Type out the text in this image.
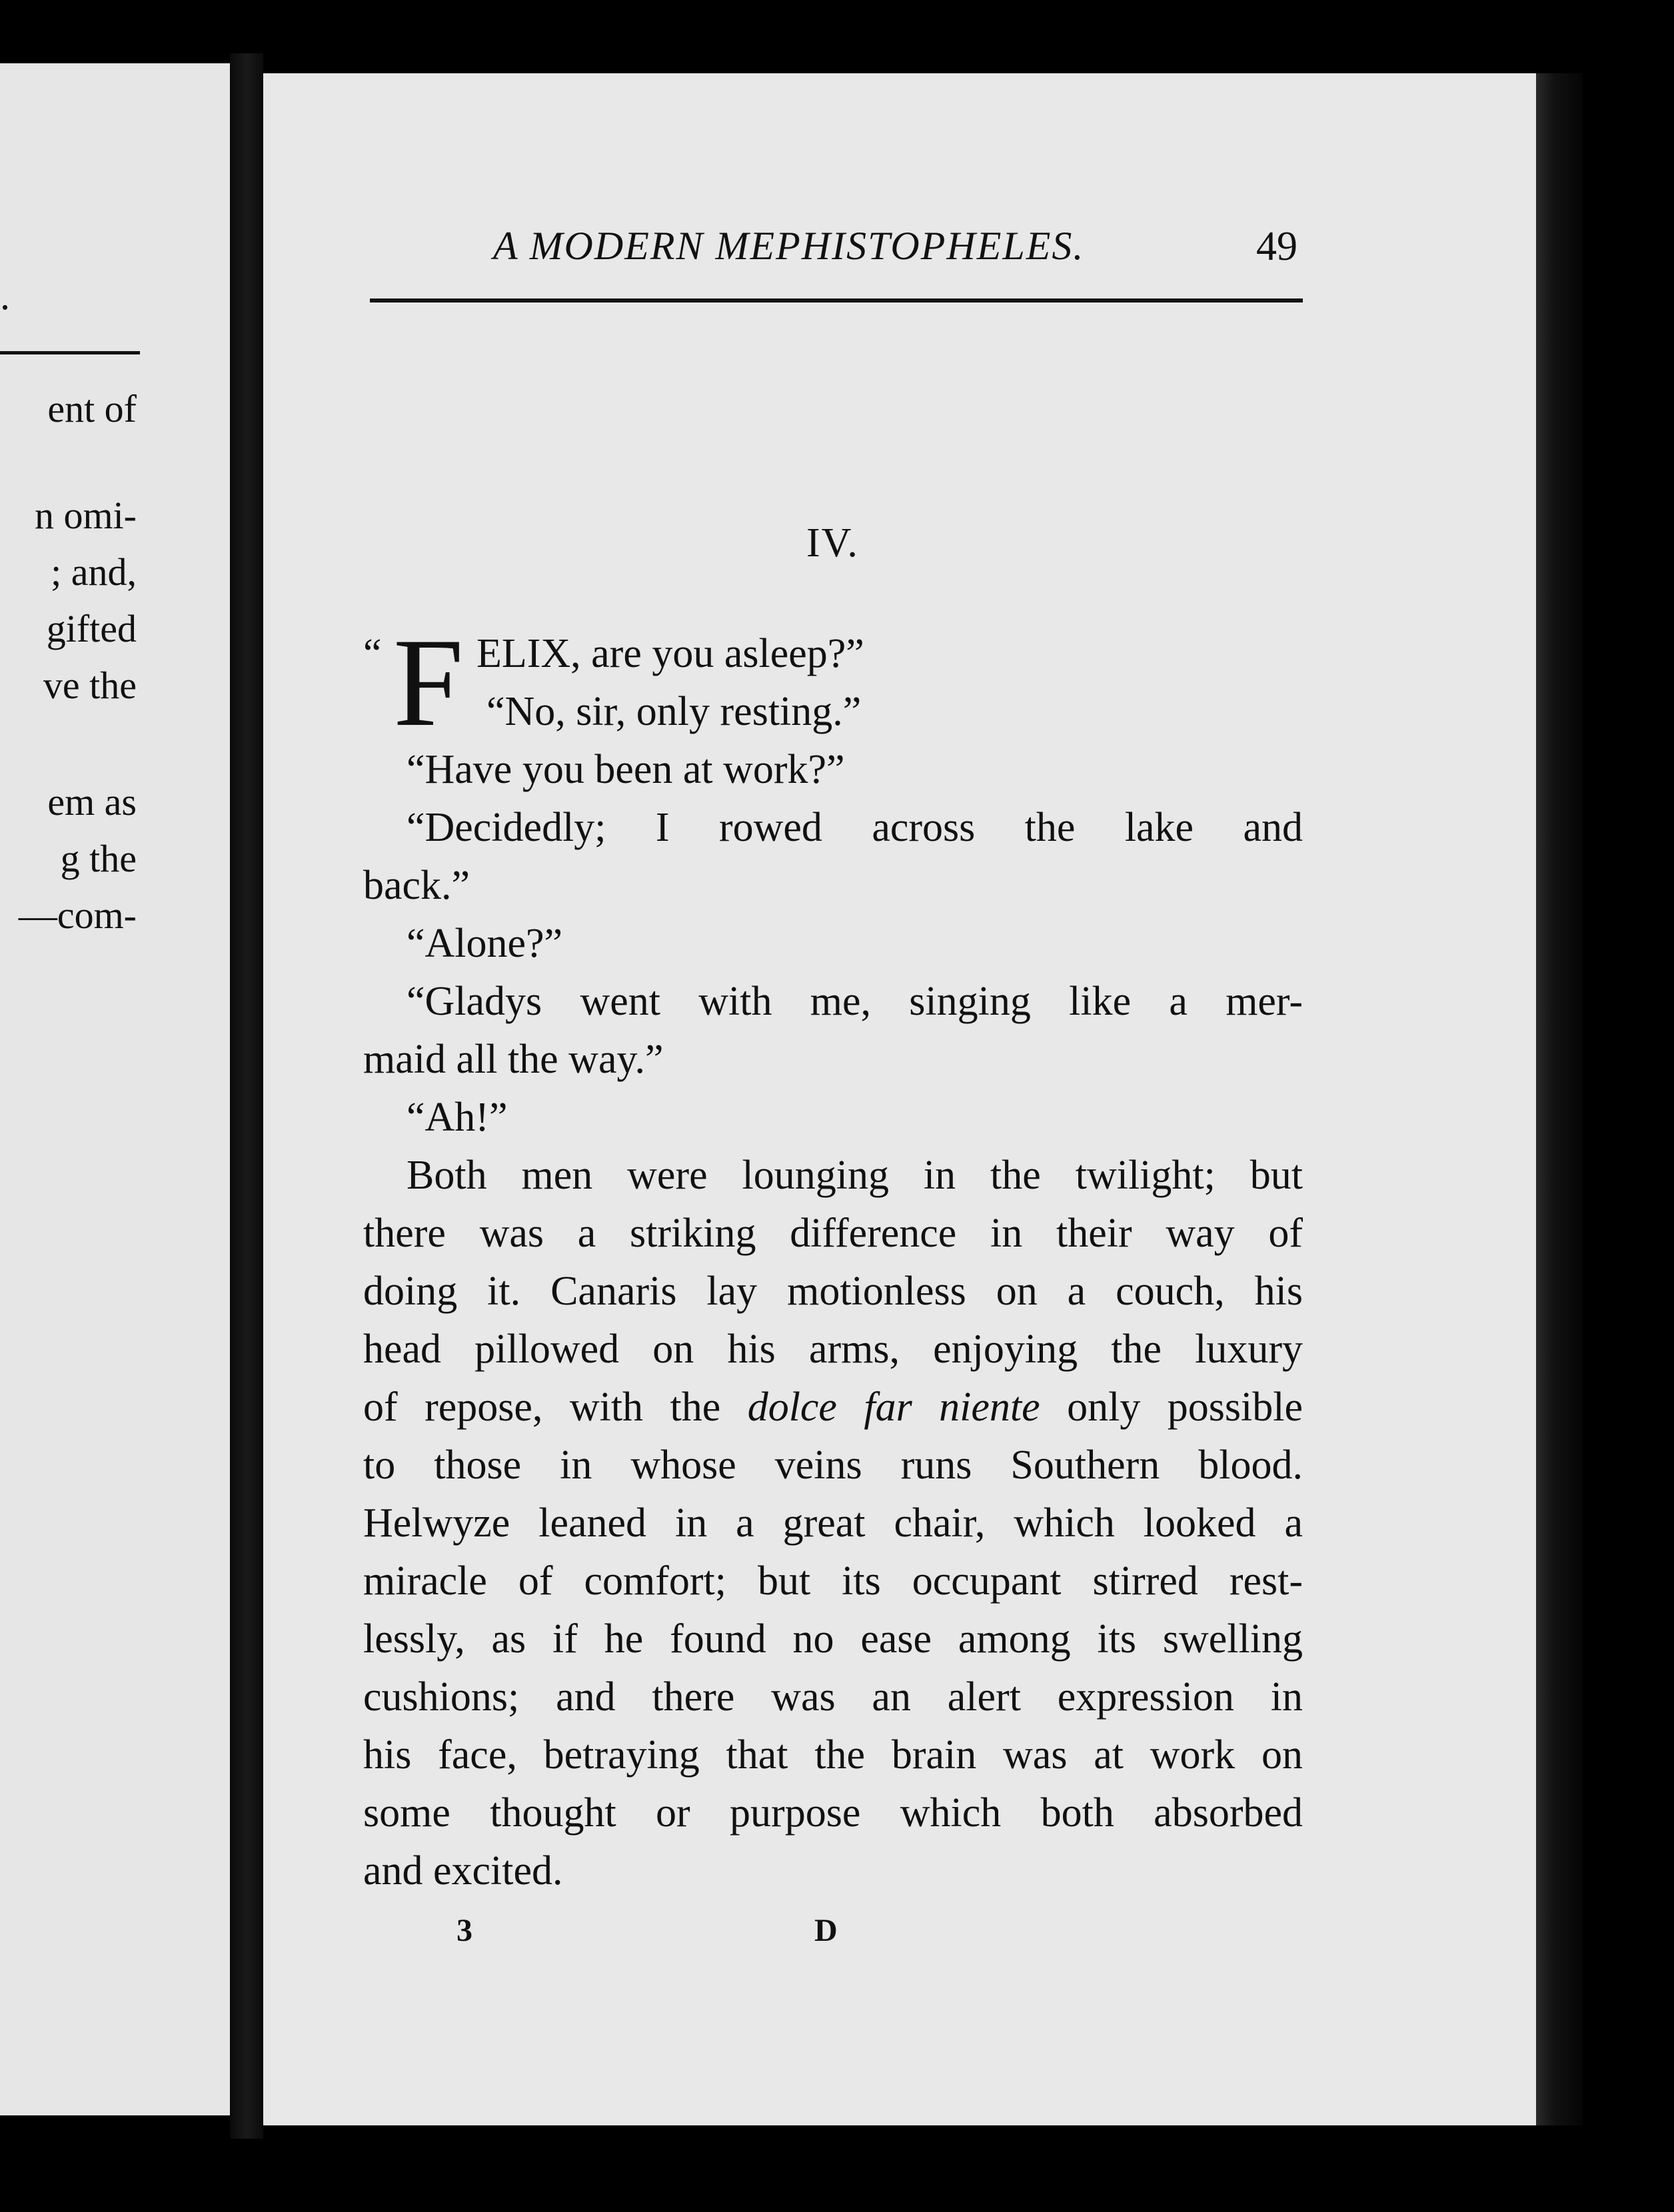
.
ent of
n omi-
; and,
gifted
ve the
em as
g the
—com-
A MODERN MEPHISTOPHELES.	49
IV.
“ F ELIX, are you asleep?”
“No, sir, only resting.”
“Have you been at work?”
“Decidedly; I rowed across the lake and
back.”
“Alone?”
“Gladys went with me, singing like a mer-
maid all the way.”
“Ah!”
Both men were lounging in the twilight; but
there was a striking difference in their way of
doing it. Canaris lay motionless on a couch, his
head pillowed on his arms, enjoying the luxury
of repose, with the dolce far niente only possible
to those in whose veins runs Southern blood.
Helwyze leaned in a great chair, which looked a
miracle of comfort; but its occupant stirred rest-
lessly, as if he found no ease among its swelling
cushions; and there was an alert expression in
his face, betraying that the brain was at work on
some thought or purpose which both absorbed
and excited.
3	D
